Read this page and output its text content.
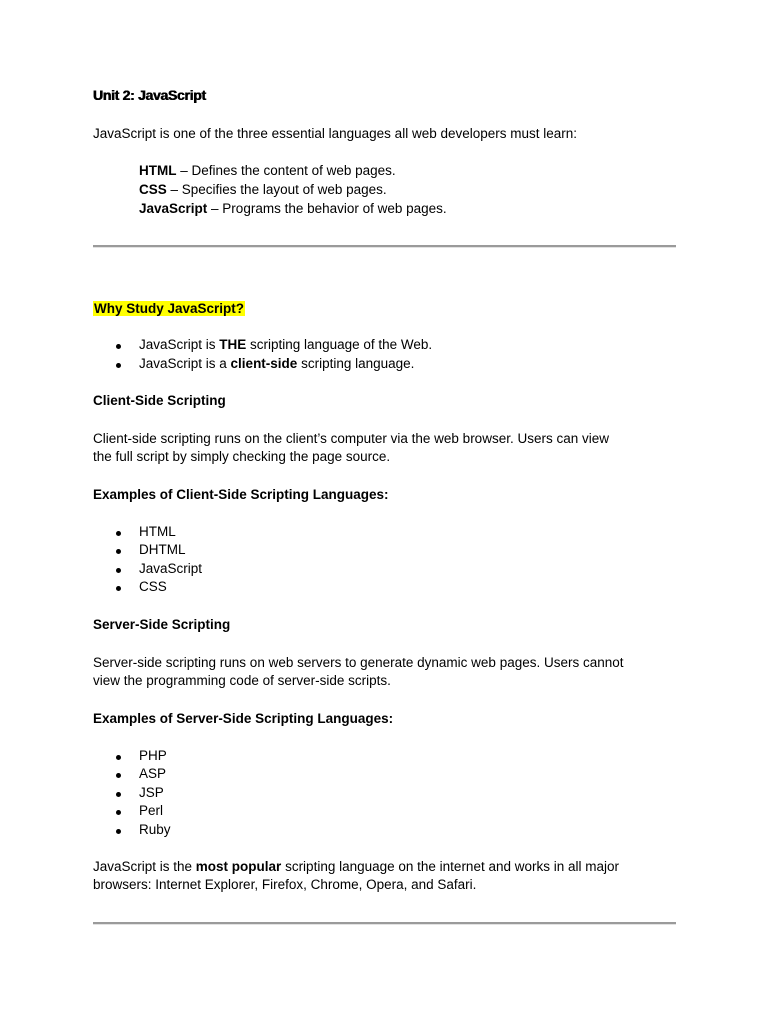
Unit 2: JavaScript
JavaScript is one of the three essential languages all web developers must learn:
HTML – Defines the content of web pages.
CSS – Specifies the layout of web pages.
JavaScript – Programs the behavior of web pages.
Why Study JavaScript?
JavaScript is THE scripting language of the Web.
JavaScript is a client-side scripting language.
Client-Side Scripting
Client-side scripting runs on the client’s computer via the web browser. Users can view
the full script by simply checking the page source.
Examples of Client-Side Scripting Languages:
HTML
DHTML
JavaScript
CSS
Server-Side Scripting
Server-side scripting runs on web servers to generate dynamic web pages. Users cannot
view the programming code of server-side scripts.
Examples of Server-Side Scripting Languages:
PHP
ASP
JSP
Perl
Ruby
JavaScript is the most popular scripting language on the internet and works in all major
browsers: Internet Explorer, Firefox, Chrome, Opera, and Safari.
